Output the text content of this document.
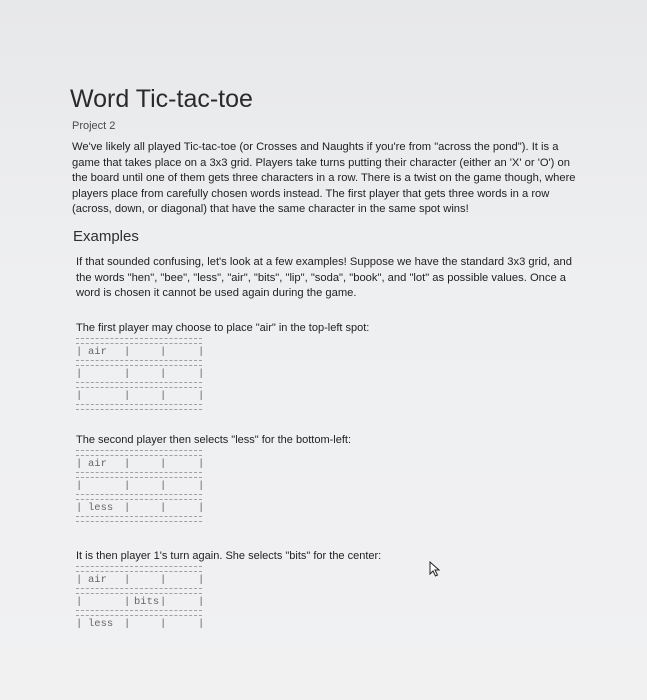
Word Tic-tac-toe
Project 2

We've likely all played Tic-tac-toe (or Crosses and Naughts if you're from "across the pond"). It is a game that takes place on a 3x3 grid. Players take turns putting their character (either an 'X' or 'O') on the board until one of them gets three characters in a row. There is a twist on the game though, where players place from carefully chosen words instead. The first player that gets three words in a row (across, down, or diagonal) that have the same character in the same spot wins!

Examples

If that sounded confusing, let's look at a few examples! Suppose we have the standard 3x3 grid, and the words "hen", "bee", "less", "air", "bits", "lip", "soda", "book", and "lot" as possible values. Once a word is chosen it cannot be used again during the game.

The first player may choose to place "air" in the top-left spot:
| air |	|	|
|	|	|	|
|	|	|	|
The second player then selects "less" for the bottom-left:
| air |	|	|
|	|	|	|
| less |	|	|
It is then player 1's turn again. She selects "bits" for the center:
| air |	|	|
|	| bits |	|
| less |	|	|
